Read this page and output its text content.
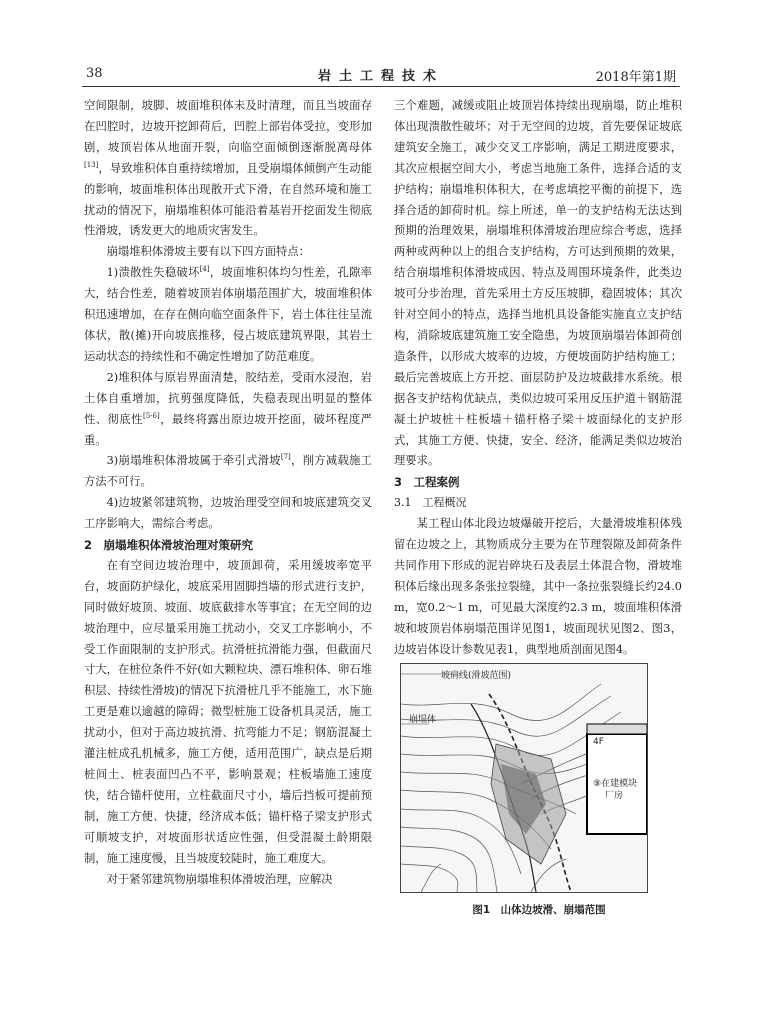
38	岩土工程技术	2018年第1期

空间限制，坡脚、坡面堆积体未及时清理，而且当坡面存在凹腔时，边坡开挖卸荷后，凹腔上部岩体受拉，变形加剧，坡顶岩体从地面开裂，向临空面倾倒逐渐脱离母体[13]，导致堆积体自重持续增加，且受崩塌体倾倒产生动能的影响，坡面堆积体出现散开式下滑，在自然环境和施工扰动的情况下，崩塌堆积体可能沿着基岩开挖面发生彻底性滑坡，诱发更大的地质灾害发生。

崩塌堆积体滑坡主要有以下四方面特点：

1)溃散性失稳破坏[4]，坡面堆积体均匀性差，孔隙率大，结合性差，随着坡顶岩体崩塌范围扩大，坡面堆积体积迅速增加，在存在侧向临空面条件下，岩土体往往呈流体状，散(摊)开向坡底推移，侵占坡底建筑界限，其岩土运动状态的持续性和不确定性增加了防范难度。

2)堆积体与原岩界面清楚，胶结差，受雨水浸泡，岩土体自重增加，抗剪强度降低，失稳表现出明显的整体性、彻底性[5-6]，最终将露出原边坡开挖面，破坏程度严重。

3)崩塌堆积体滑坡属于牵引式滑坡[7]，削方减载施工方法不可行。

4)边坡紧邻建筑物，边坡治理受空间和坡底建筑交叉工序影响大，需综合考虑。

2　崩塌堆积体滑坡治理对策研究

在有空间边坡治理中，坡顶卸荷，采用缓坡率宽平台，坡面防护绿化，坡底采用固脚挡墙的形式进行支护，同时做好坡顶、坡面、坡底截排水等事宜；在无空间的边坡治理中，应尽量采用施工扰动小，交叉工序影响小，不受工作面限制的支护形式。抗滑桩抗滑能力强，但截面尺寸大，在桩位条件不好(如大颗粒块、漂石堆积体、卵石堆积层、持续性滑坡)的情况下抗滑桩几乎不能施工，水下施工更是难以逾越的障碍；微型桩施工设备机具灵活，施工扰动小，但对于高边坡抗滑、抗弯能力不足；钢筋混凝土灌注桩成孔机械多，施工方便，适用范围广，缺点是后期桩间土、桩表面凹凸不平，影响景观；柱板墙施工速度快，结合锚杆使用，立柱截面尺寸小，墙后挡板可提前预制，施工方便、快捷，经济成本低；锚杆格子梁支护形式可顺坡支护，对坡面形状适应性强，但受混凝土龄期限制，施工速度慢，且当坡度较陡时，施工难度大。

对于紧邻建筑物崩塌堆积体滑坡治理，应解决

三个难题，减缓或阻止坡顶岩体持续出现崩塌，防止堆积体出现溃散性破坏；对于无空间的边坡，首先要保证坡底建筑安全施工，减少交叉工序影响，满足工期进度要求，其次应根据空间大小，考虑当地施工条件，选择合适的支护结构；崩塌堆积体积大，在考虑填挖平衡的前提下，选择合适的卸荷时机。综上所述，单一的支护结构无法达到预期的治理效果，崩塌堆积体滑坡治理应综合考虑，选择两种或两种以上的组合支护结构，方可达到预期的效果，结合崩塌堆积体滑坡成因、特点及周围环境条件，此类边坡可分步治理，首先采用土方反压坡脚，稳固坡体；其次针对空间小的特点，选择当地机具设备能实施直立支护结构，消除坡底建筑施工安全隐患，为坡顶崩塌岩体卸荷创造条件，以形成大坡率的边坡，方便坡面防护结构施工；最后完善坡底上方开挖、面层防护及边坡截排水系统。根据各支护结构优缺点，类似边坡可采用反压护道＋钢筋混凝土护坡桩＋柱板墙＋锚杆格子梁＋坡面绿化的支护形式，其施工方便、快捷，安全、经济，能满足类似边坡治理要求。

3　工程案例
3.1　工程概况

某工程山体北段边坡爆破开挖后，大量滑坡堆积体残留在边坡之上，其物质成分主要为在节理裂隙及卸荷条件共同作用下形成的泥岩碎块石及表层土体混合物，滑坡堆积体后缘出现多条张拉裂缝，其中一条拉张裂缝长约24.0 m，宽0.2～1 m，可见最大深度约2.3 m，坡面堆积体滑坡和坡顶岩体崩塌范围详见图1，坡面现状见图2、图3，边坡岩体设计参数见表1，典型地质剖面见图4。

坡肩线(滑坡范围)
崩塌体
4F
⑨在建模块
厂房
图1　山体边坡滑、崩塌范围
